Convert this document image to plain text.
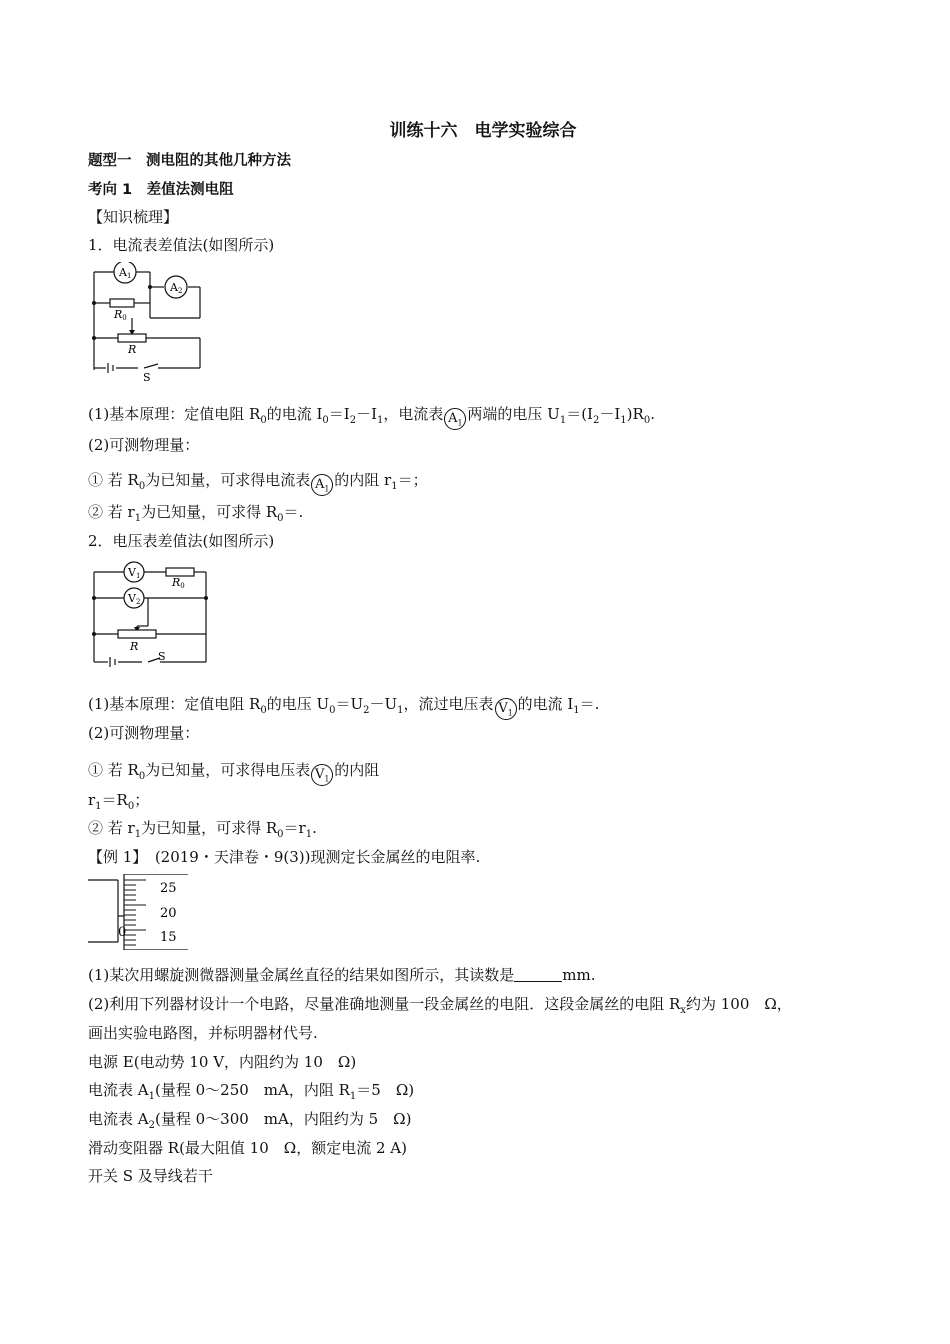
训练十六　电学实验综合
题型一　测电阻的其他几种方法
考向 1　差值法测电阻
【知识梳理】
1．电流表差值法(如图所示)
A1
A2
R0
R
S
(1)基本原理：定值电阻 $R_0$的电流 $I_0=I_2-I_1$，电流表 $A_1$两端的电压 $U_1=(I_2-I_1)R_0$.
(2)可测物理量：
① 若 $R_0$为已知量，可求得电流表 $A_1$的内阻 $r_1=$；
② 若 $r_1$为已知量，可求得 $R_0=$.
2．电压表差值法(如图所示)
V1
V2
R0
R
S
(1)基本原理：定值电阻 $R_0$的电压 $U_0=U_2-U_1$，流过电压表 $V_1$的电流 $I_1=$.
(2)可测物理量：
① 若 $R_0$为已知量，可求得电压表 $V_1$的内阻
$r_1=R_0$；
② 若 $r_1$为已知量，可求得 $R_0=r_1$.
【例 1】　 (2019・天津卷・9(3))现测定长金属丝的电阻率.
25
20
15
0
(1)某次用螺旋测微器测量金属丝直径的结果如图所示，其读数是	mm.
(2)利用下列器材设计一个电路，尽量准确地测量一段金属丝的电阻．这段金属丝的电阻 $R_x$约为 100　Ω，
画出实验电路图，并标明器材代号.
电源 E(电动势 10 V，内阻约为 10　Ω)
电流表 $A_1$(量程 0～250　mA，内阻 $R_1=5$　Ω)
电流表 $A_2$(量程 0～300　mA，内阻约为 5　Ω)
滑动变阻器 R(最大阻值 10　Ω，额定电流 2 A)
开关 S 及导线若干
